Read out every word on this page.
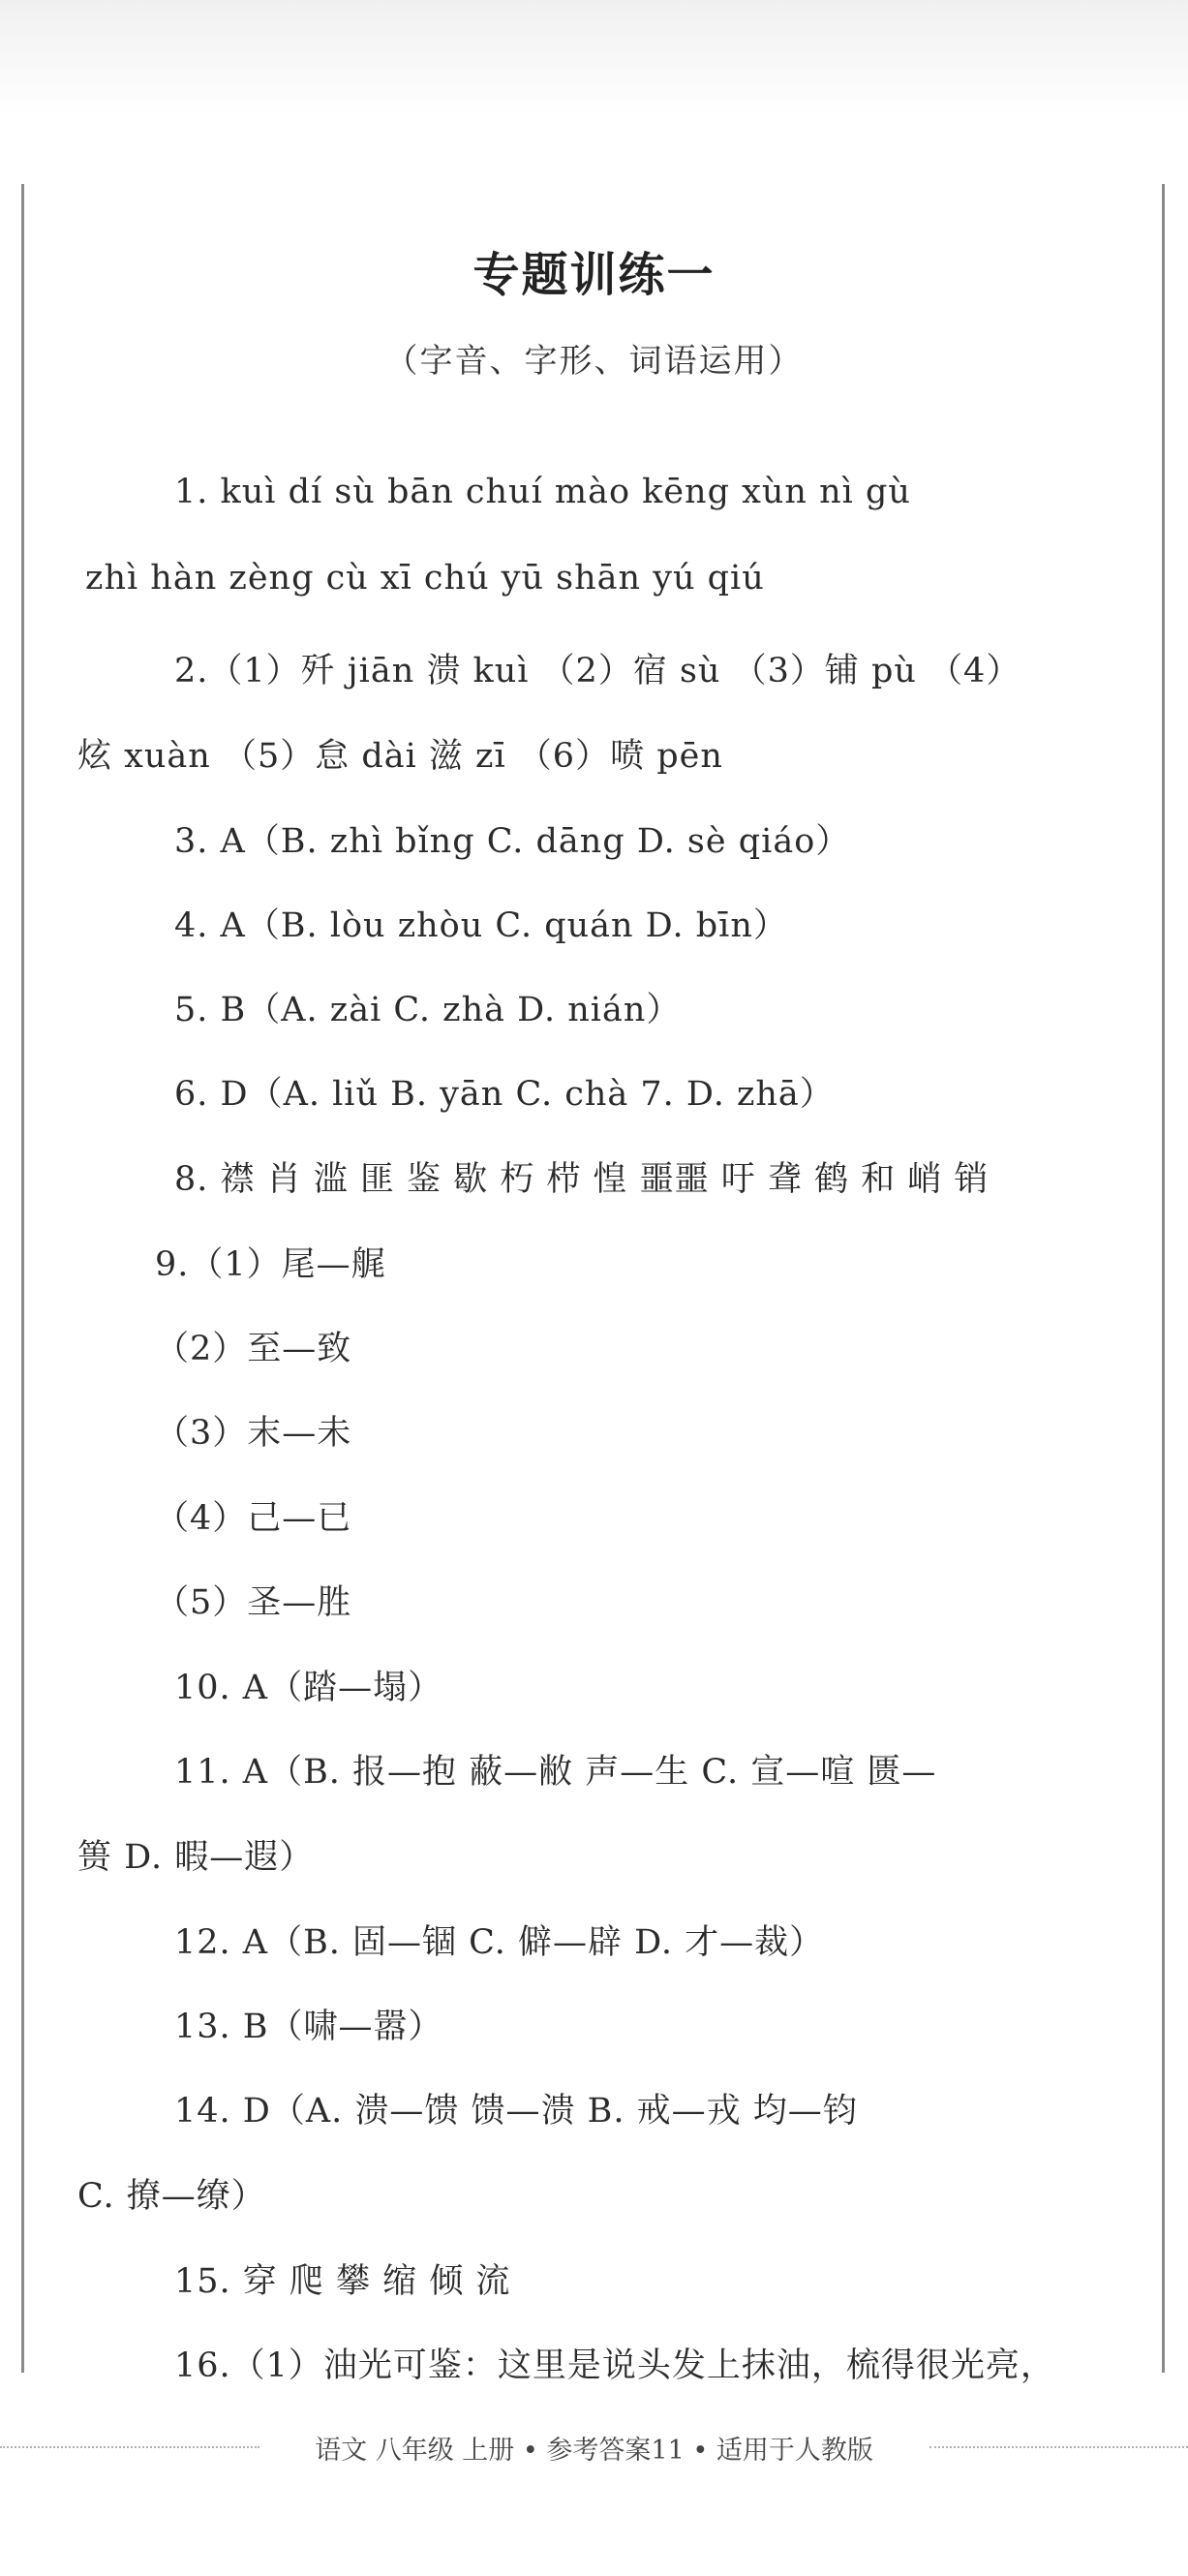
专题训练一
（字音、字形、词语运用）
1. kuì dí sù bān chuí mào kēng xùn nì gù
zhì hàn zèng cù xī chú yū shān yú qiú
2.（1）歼 jiān 溃 kuì （2）宿 sù （3）铺 pù （4）
炫 xuàn （5）怠 dài 滋 zī （6）喷 pēn
3. A（B. zhì bǐng C. dāng D. sè qiáo）
4. A（B. lòu zhòu C. quán D. bīn）
5. B（A. zài C. zhà D. nián）
6. D（A. liǔ B. yān C. chà 7. D. zhā）
8. 襟 肖 滥 匪 鉴 歇 朽 栉 惶 噩噩 吁 聋 鹤 和 峭 销
9.（1）尾—艉
（2）至—致
（3）末—未
（4）己—已
（5）圣—胜
10. A（踏—塌）
11. A（B. 报—抱 蔽—敝 声—生 C. 宣—喧 匮—
篑 D. 暇—遐）
12. A（B. 固—锢 C. 僻—辟 D. 才—裁）
13. B（啸—嚣）
14. D（A. 溃—馈 馈—溃 B. 戒—戎 均—钧
C. 撩—缭）
15. 穿 爬 攀 缩 倾 流
16.（1）油光可鉴：这里是说头发上抹油，梳得很光亮，
语文 八年级 上册 • 参考答案11 • 适用于人教版
